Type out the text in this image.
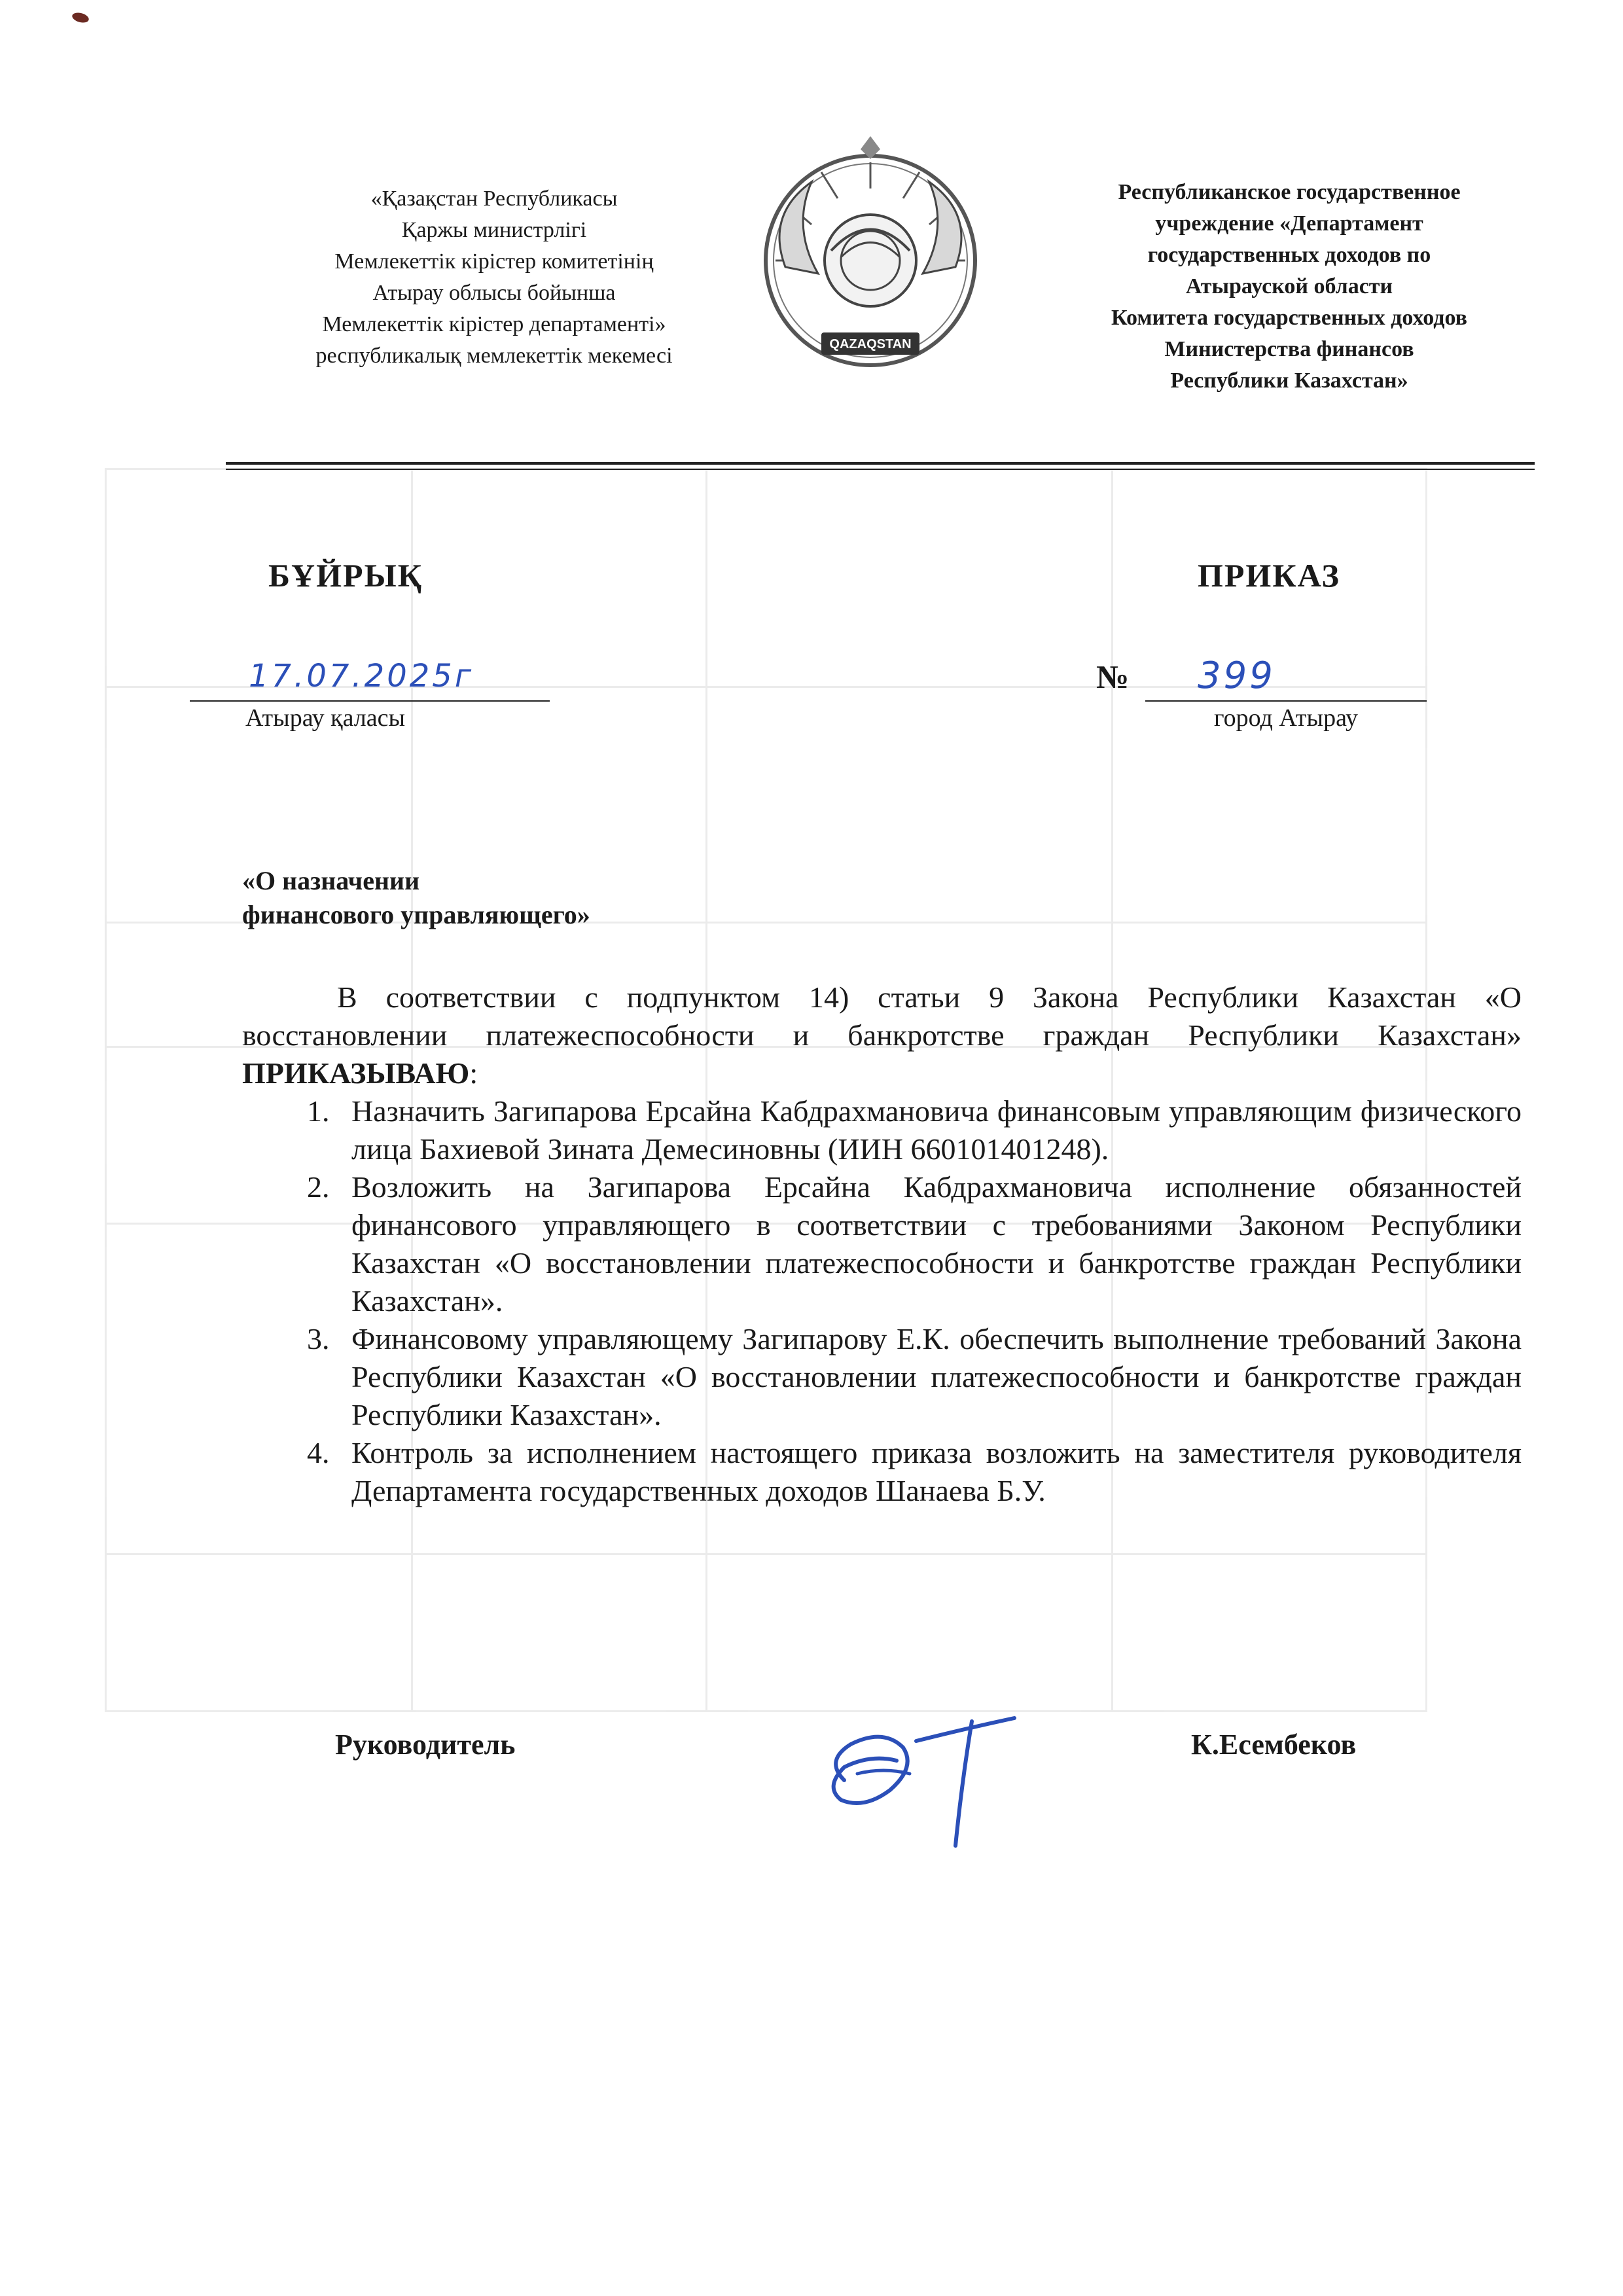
«Қазақстан Республикасы
Қаржы министрлігі
Мемлекеттік кірістер комитетінің
Атырау облысы бойынша
Мемлекеттік кірістер департаменті»
республикалық мемлекеттік мекемесі	QAZAQSTAN
Республиканское государственное
учреждение «Департамент
государственных доходов по
Атырауской области
Комитета государственных доходов
Министерства финансов
Республики Казахстан»
БҰЙРЫҚ	ПРИКАЗ
17.07.2025г
Атырау қаласы
№ 399
город Атырау
«О назначении
финансового управляющего»

В соответствии с подпунктом 14) статьи 9 Закона Республики Казахстан «О восстановлении платежеспособности и банкротстве граждан Республики Казахстан» ПРИКАЗЫВАЮ:

1. Назначить Загипарова Ерсайна Кабдрахмановича финансовым управляющим физического лица Бахиевой Зината Демесиновны (ИИН 660101401248).
2. Возложить на Загипарова Ерсайна Кабдрахмановича исполнение обязанностей финансового управляющего в соответствии с требованиями Законом Республики Казахстан «О восстановлении платежеспособности и банкротстве граждан Республики Казахстан».
3. Финансовому управляющему Загипарову Е.К. обеспечить выполнение требований Закона Республики Казахстан «О восстановлении платежеспособности и банкротстве граждан Республики Казахстан».
4. Контроль за исполнением настоящего приказа возложить на заместителя руководителя Департамента государственных доходов Шанаева Б.У.
Руководитель	К.Есембеков
